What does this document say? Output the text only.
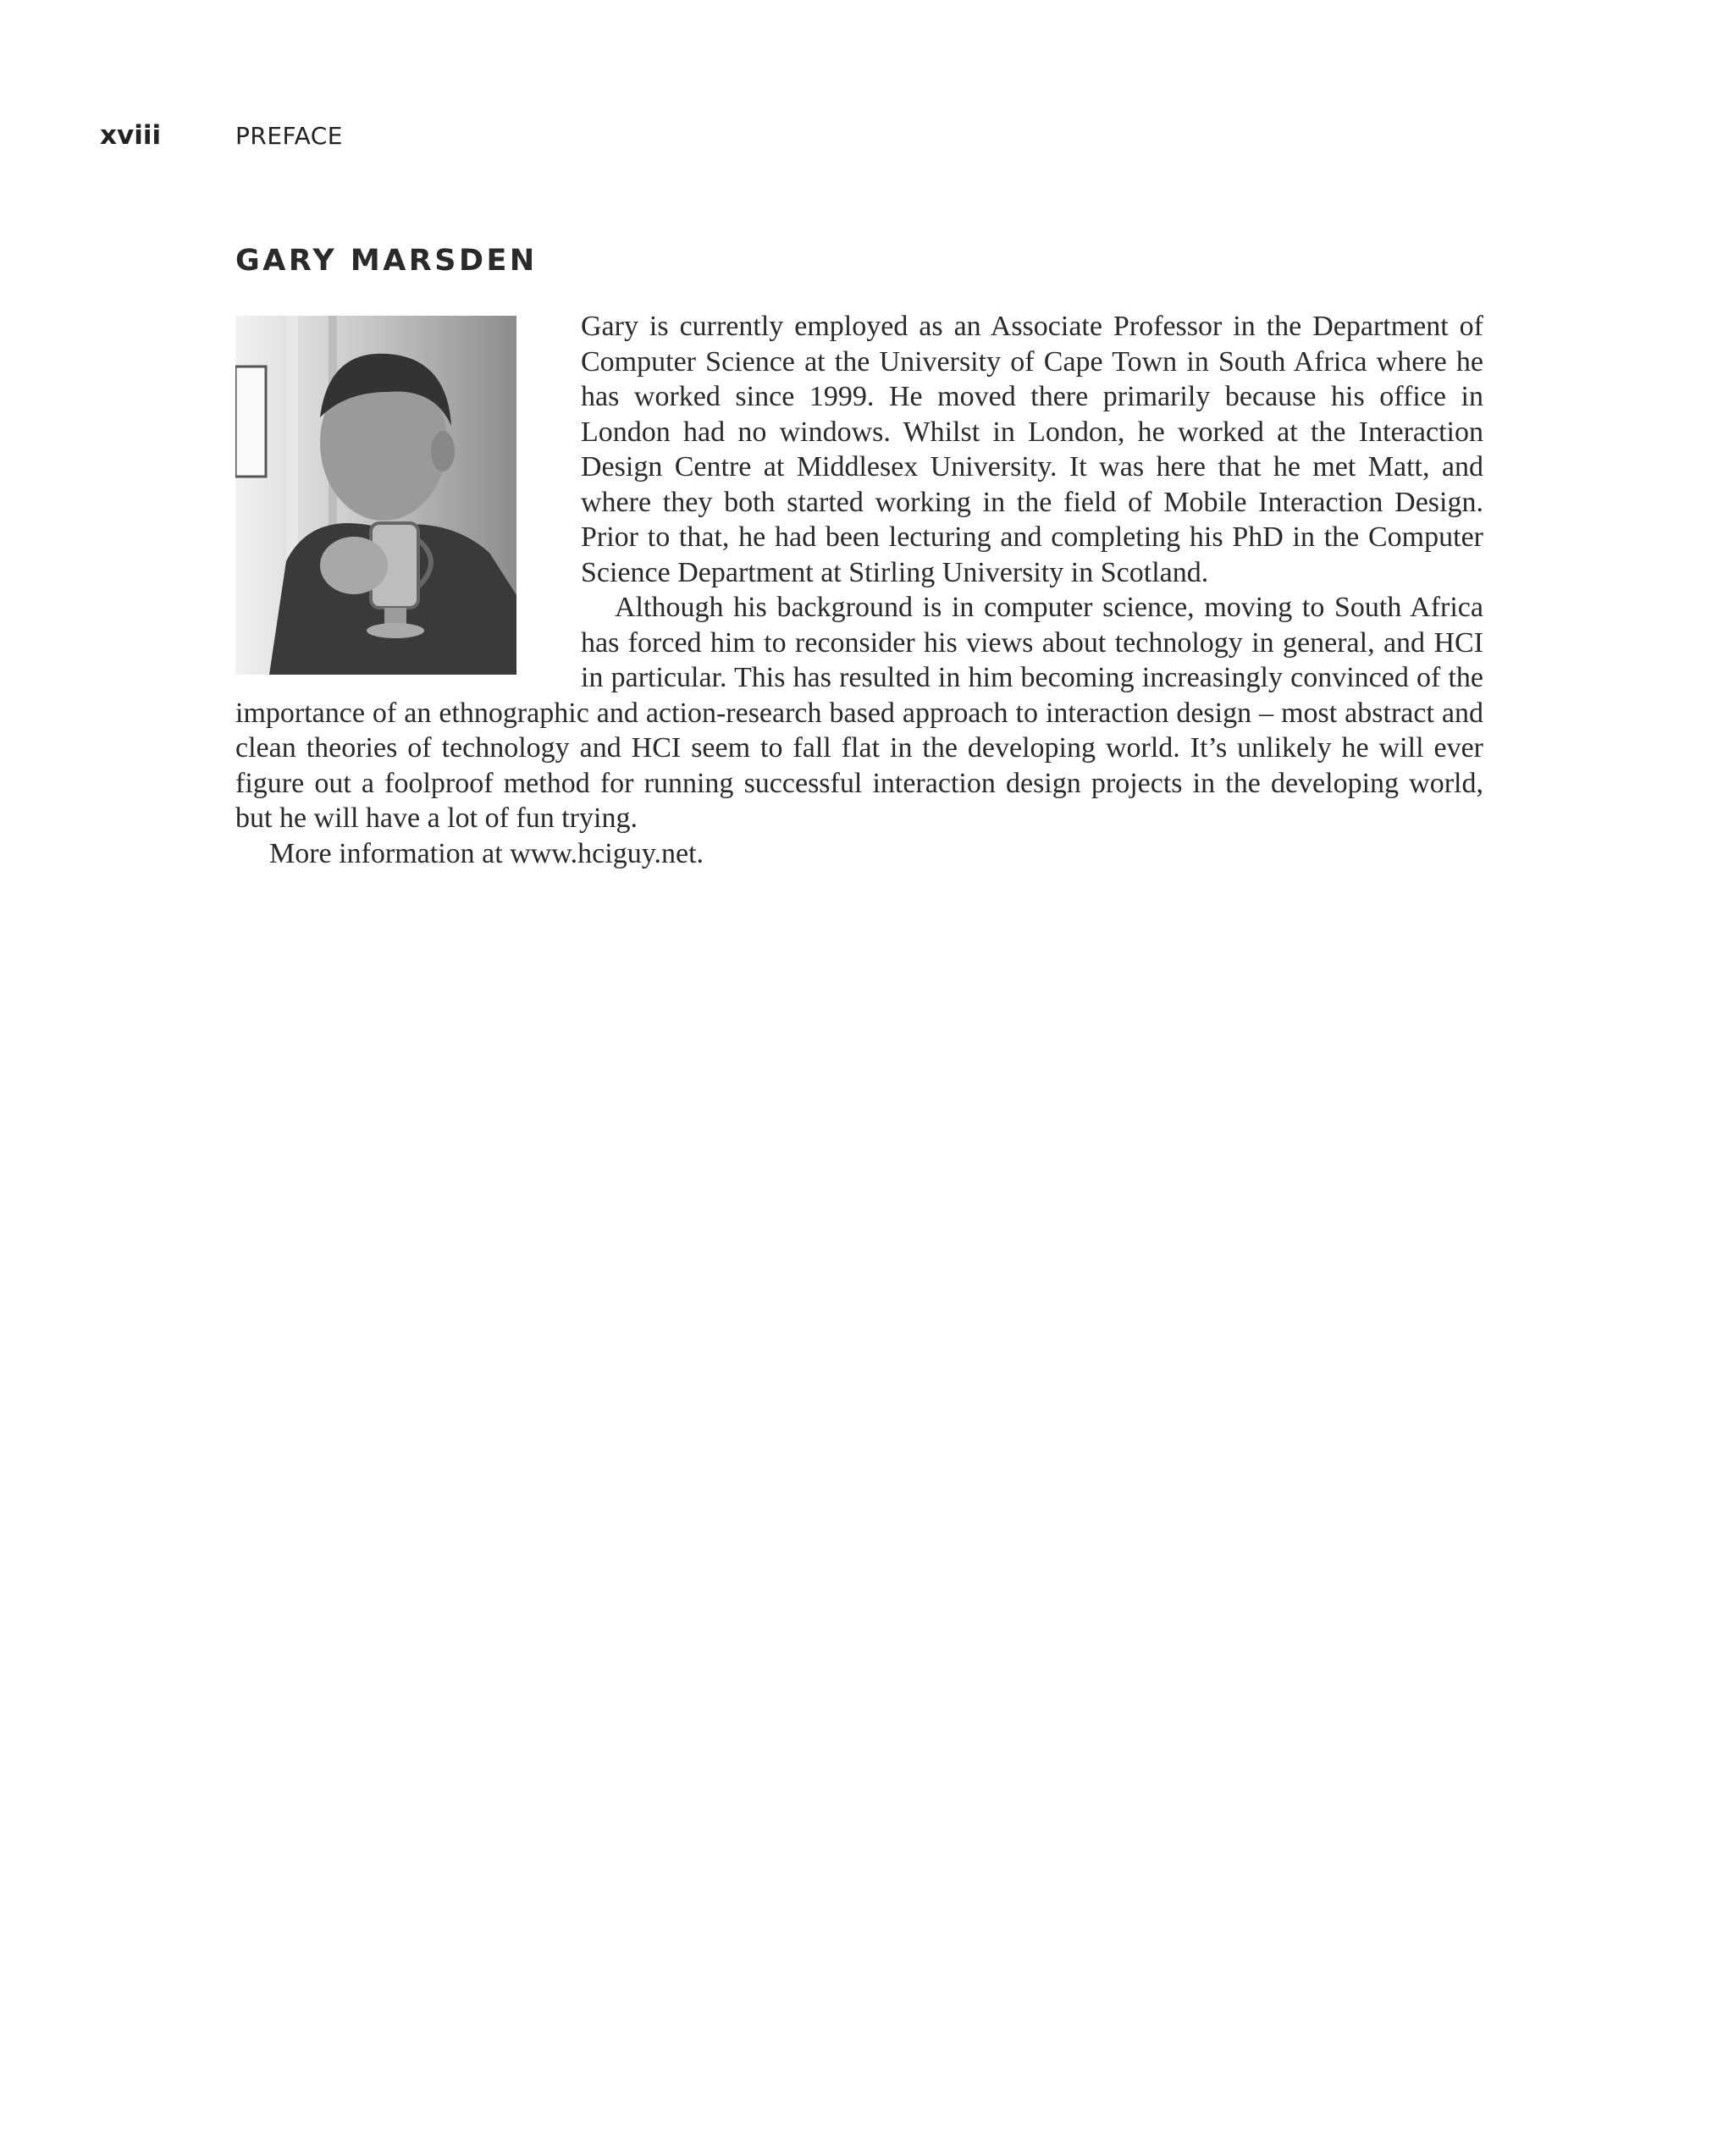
xviii	PREFACE
GARY MARSDEN

Gary is currently employed as an Associate Professor in the Department of Computer Science at the University of Cape Town in South Africa where he has worked since 1999. He moved there primarily because his office in London had no windows. Whilst in London, he worked at the Interaction Design Centre at Middlesex University. It was here that he met Matt, and where they both started working in the field of Mobile Interaction Design. Prior to that, he had been lecturing and completing his PhD in the Computer Science Department at Stirling University in Scotland.

Although his background is in computer science, moving to South Africa has forced him to reconsider his views about technology in general, and HCI in particular. This has resulted in him becoming increasingly convinced of the importance of an ethnographic and action-research based approach to interaction design – most abstract and clean theories of technology and HCI seem to fall flat in the developing world. It’s unlikely he will ever figure out a foolproof method for running successful interaction design projects in the developing world, but he will have a lot of fun trying.

More information at www.hciguy.net.
